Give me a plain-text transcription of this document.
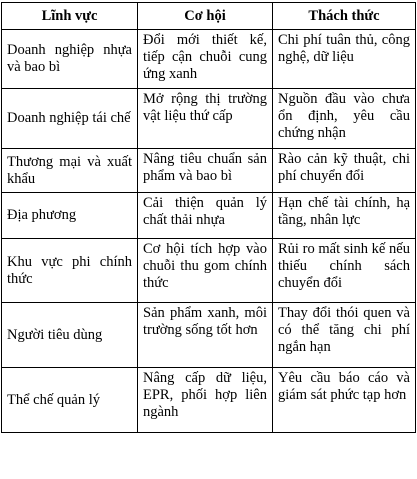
Lĩnh vực	Cơ hội	Thách thức
Doanh nghiệp nhựa và bao bì	Đổi mới thiết kế, tiếp cận chuỗi cung ứng xanh	Chi phí tuân thủ, công nghệ, dữ liệu
Doanh nghiệp tái chế	Mở rộng thị trường vật liệu thứ cấp	Nguồn đầu vào chưa ổn định, yêu cầu chứng nhận
Thương mại và xuất khẩu	Nâng tiêu chuẩn sản phẩm và bao bì	Rào cản kỹ thuật, chi phí chuyển đổi
Địa phương	Cải thiện quản lý chất thải nhựa	Hạn chế tài chính, hạ tầng, nhân lực
Khu vực phi chính thức	Cơ hội tích hợp vào chuỗi thu gom chính thức	Rủi ro mất sinh kế nếu thiếu chính sách chuyển đổi
Người tiêu dùng	Sản phẩm xanh, môi trường sống tốt hơn	Thay đổi thói quen và có thể tăng chi phí ngắn hạn
Thể chế quản lý	Nâng cấp dữ liệu, EPR, phối hợp liên ngành	Yêu cầu báo cáo và giám sát phức tạp hơn
